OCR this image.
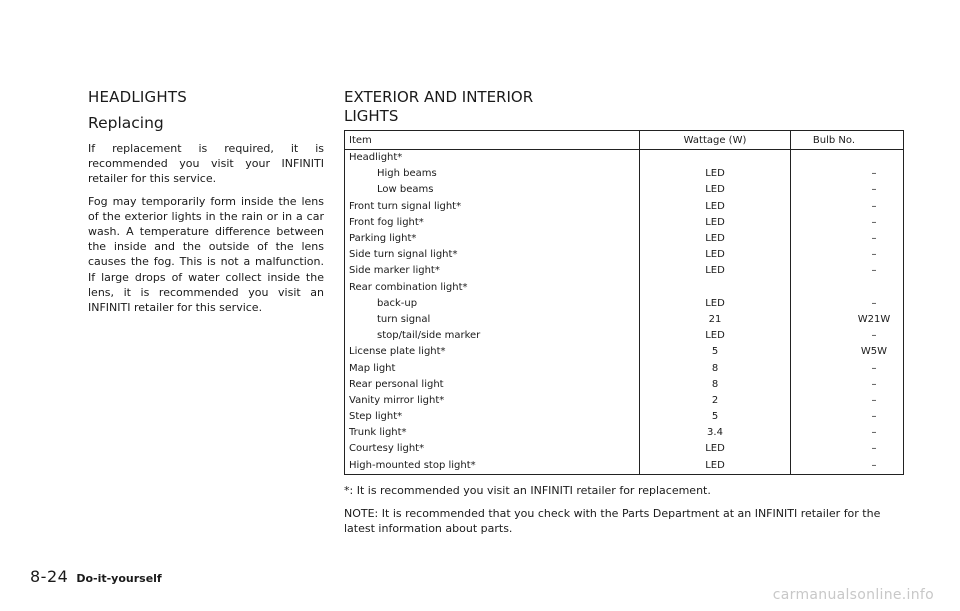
HEADLIGHTS
Replacing

If replacement is required, it is recommended you visit your INFINITI retailer for this service.

Fog may temporarily form inside the lens of the exterior lights in the rain or in a car wash. A temperature difference between the inside and the outside of the lens causes the fog. This is not a malfunction. If large drops of water collect inside the lens, it is recommended you visit an INFINITI retailer for this service.

EXTERIOR AND INTERIOR LIGHTS
Item	Wattage (W)	Bulb No.
Headlight*		
High beams	LED	–
Low beams	LED	–
Front turn signal light*	LED	–
Front fog light*	LED	–
Parking light*	LED	–
Side turn signal light*	LED	–
Side marker light*	LED	–
Rear combination light*		
back-up	LED	–
turn signal	21	W21W
stop/tail/side marker	LED	–
License plate light*	5	W5W
Map light	8	–
Rear personal light	8	–
Vanity mirror light*	2	–
Step light*	5	–
Trunk light*	3.4	–
Courtesy light*	LED	–
High-mounted stop light*	LED	–

*: It is recommended you visit an INFINITI retailer for replacement.

NOTE: It is recommended that you check with the Parts Department at an INFINITI retailer for the latest information about parts.

8-24 Do-it-yourself
carmanualsonline.info
